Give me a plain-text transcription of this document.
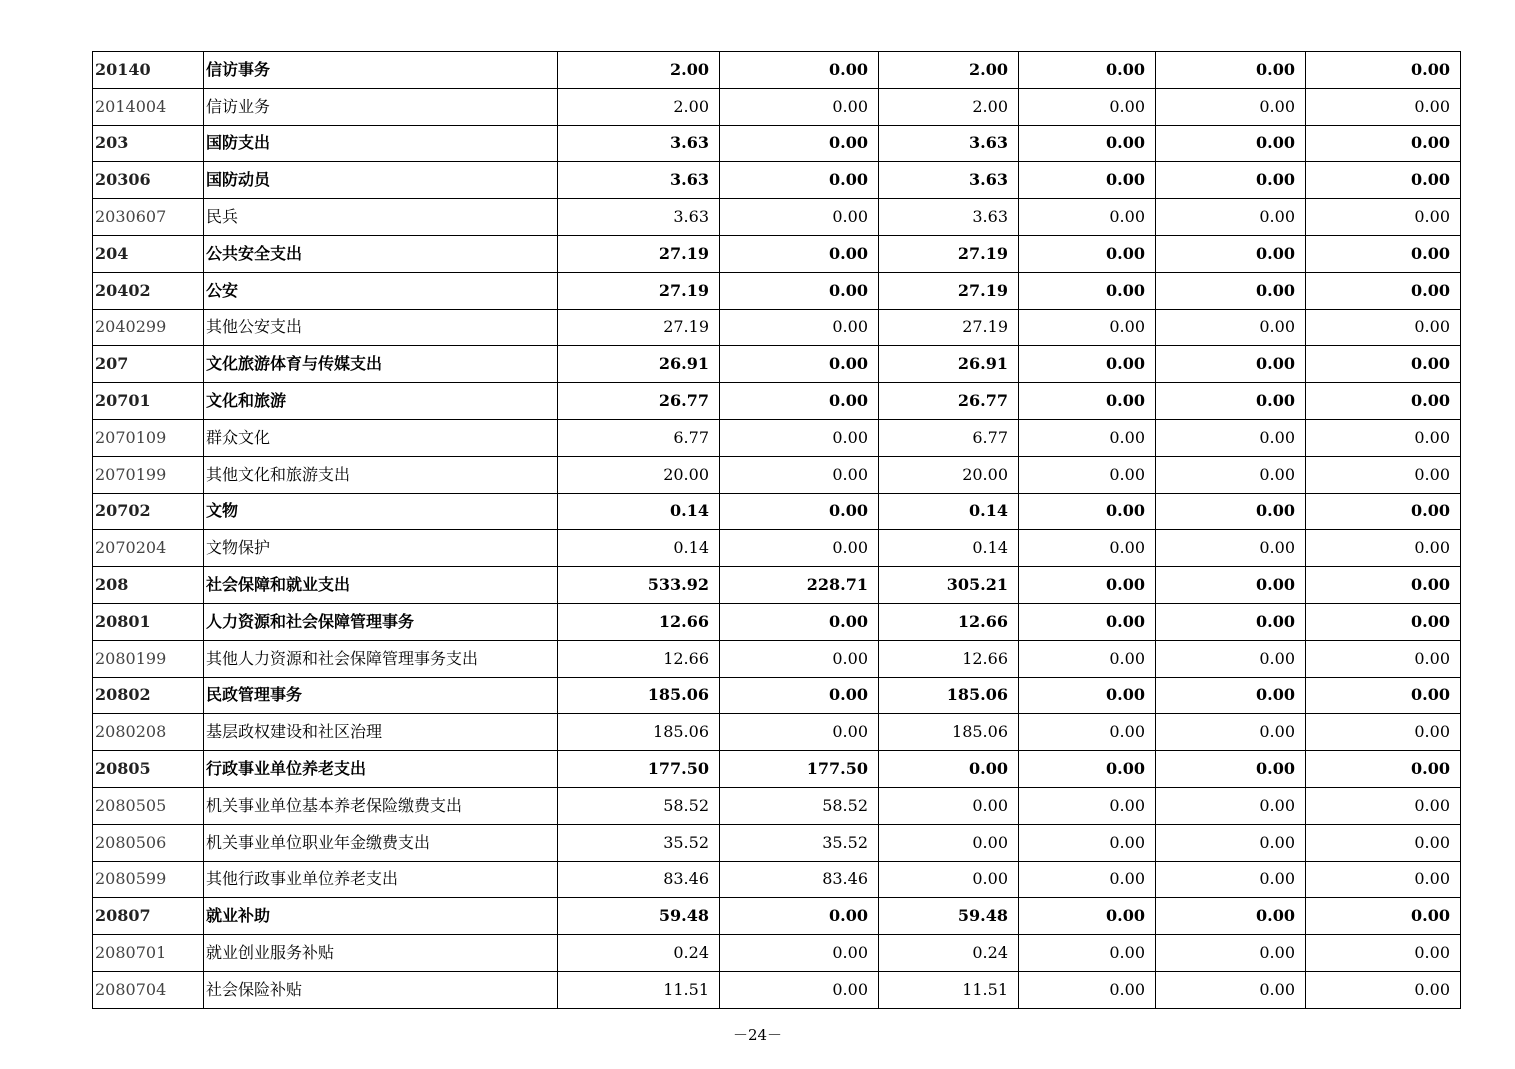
20140	信访事务	2.00	0.00	2.00	0.00	0.00	0.00
2014004	信访业务	2.00	0.00	2.00	0.00	0.00	0.00
203	国防支出	3.63	0.00	3.63	0.00	0.00	0.00
20306	国防动员	3.63	0.00	3.63	0.00	0.00	0.00
2030607	民兵	3.63	0.00	3.63	0.00	0.00	0.00
204	公共安全支出	27.19	0.00	27.19	0.00	0.00	0.00
20402	公安	27.19	0.00	27.19	0.00	0.00	0.00
2040299	其他公安支出	27.19	0.00	27.19	0.00	0.00	0.00
207	文化旅游体育与传媒支出	26.91	0.00	26.91	0.00	0.00	0.00
20701	文化和旅游	26.77	0.00	26.77	0.00	0.00	0.00
2070109	群众文化	6.77	0.00	6.77	0.00	0.00	0.00
2070199	其他文化和旅游支出	20.00	0.00	20.00	0.00	0.00	0.00
20702	文物	0.14	0.00	0.14	0.00	0.00	0.00
2070204	文物保护	0.14	0.00	0.14	0.00	0.00	0.00
208	社会保障和就业支出	533.92	228.71	305.21	0.00	0.00	0.00
20801	人力资源和社会保障管理事务	12.66	0.00	12.66	0.00	0.00	0.00
2080199	其他人力资源和社会保障管理事务支出	12.66	0.00	12.66	0.00	0.00	0.00
20802	民政管理事务	185.06	0.00	185.06	0.00	0.00	0.00
2080208	基层政权建设和社区治理	185.06	0.00	185.06	0.00	0.00	0.00
20805	行政事业单位养老支出	177.50	177.50	0.00	0.00	0.00	0.00
2080505	机关事业单位基本养老保险缴费支出	58.52	58.52	0.00	0.00	0.00	0.00
2080506	机关事业单位职业年金缴费支出	35.52	35.52	0.00	0.00	0.00	0.00
2080599	其他行政事业单位养老支出	83.46	83.46	0.00	0.00	0.00	0.00
20807	就业补助	59.48	0.00	59.48	0.00	0.00	0.00
2080701	就业创业服务补贴	0.24	0.00	0.24	0.00	0.00	0.00
2080704	社会保险补贴	11.51	0.00	11.51	0.00	0.00	0.00
－24－
